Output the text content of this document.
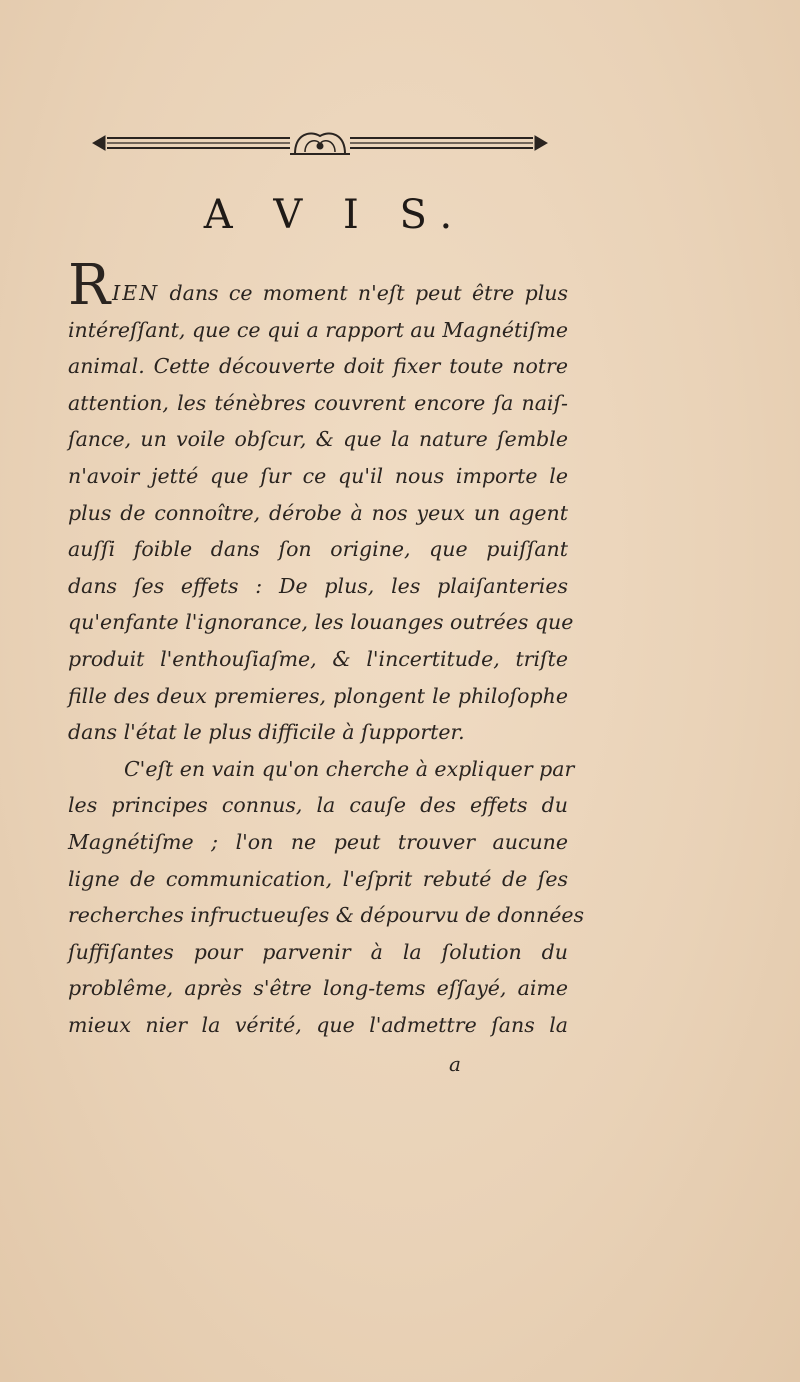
A V I S.
RIEN dans ce moment n'eſt peut être plus
intéreſſant, que ce qui a rapport au Magnétiſme
animal. Cette découverte doit fixer toute notre
attention, les ténèbres couvrent encore ſa naiſ-
ſance, un voile obſcur, & que la nature ſemble
n'avoir jetté que ſur ce qu'il nous importe le
plus de connoître, dérobe à nos yeux un agent
auſſi foible dans ſon origine, que puiſſant
dans ſes effets : De plus, les plaiſanteries
qu'enfante l'ignorance, les louanges outrées que
produit l'enthouſiaſme, & l'incertitude, triſte
fille des deux premieres, plongent le philoſophe
dans l'état le plus difficile à ſupporter.
C'eſt en vain qu'on cherche à expliquer par
les principes connus, la cauſe des effets du
Magnétiſme ; l'on ne peut trouver aucune
ligne de communication, l'eſprit rebuté de ſes
recherches infructueuſes & dépourvu de données
ſuffiſantes pour parvenir à la ſolution du
problême, après s'être long-tems eſſayé, aime
mieux nier la vérité, que l'admettre ſans la
a
